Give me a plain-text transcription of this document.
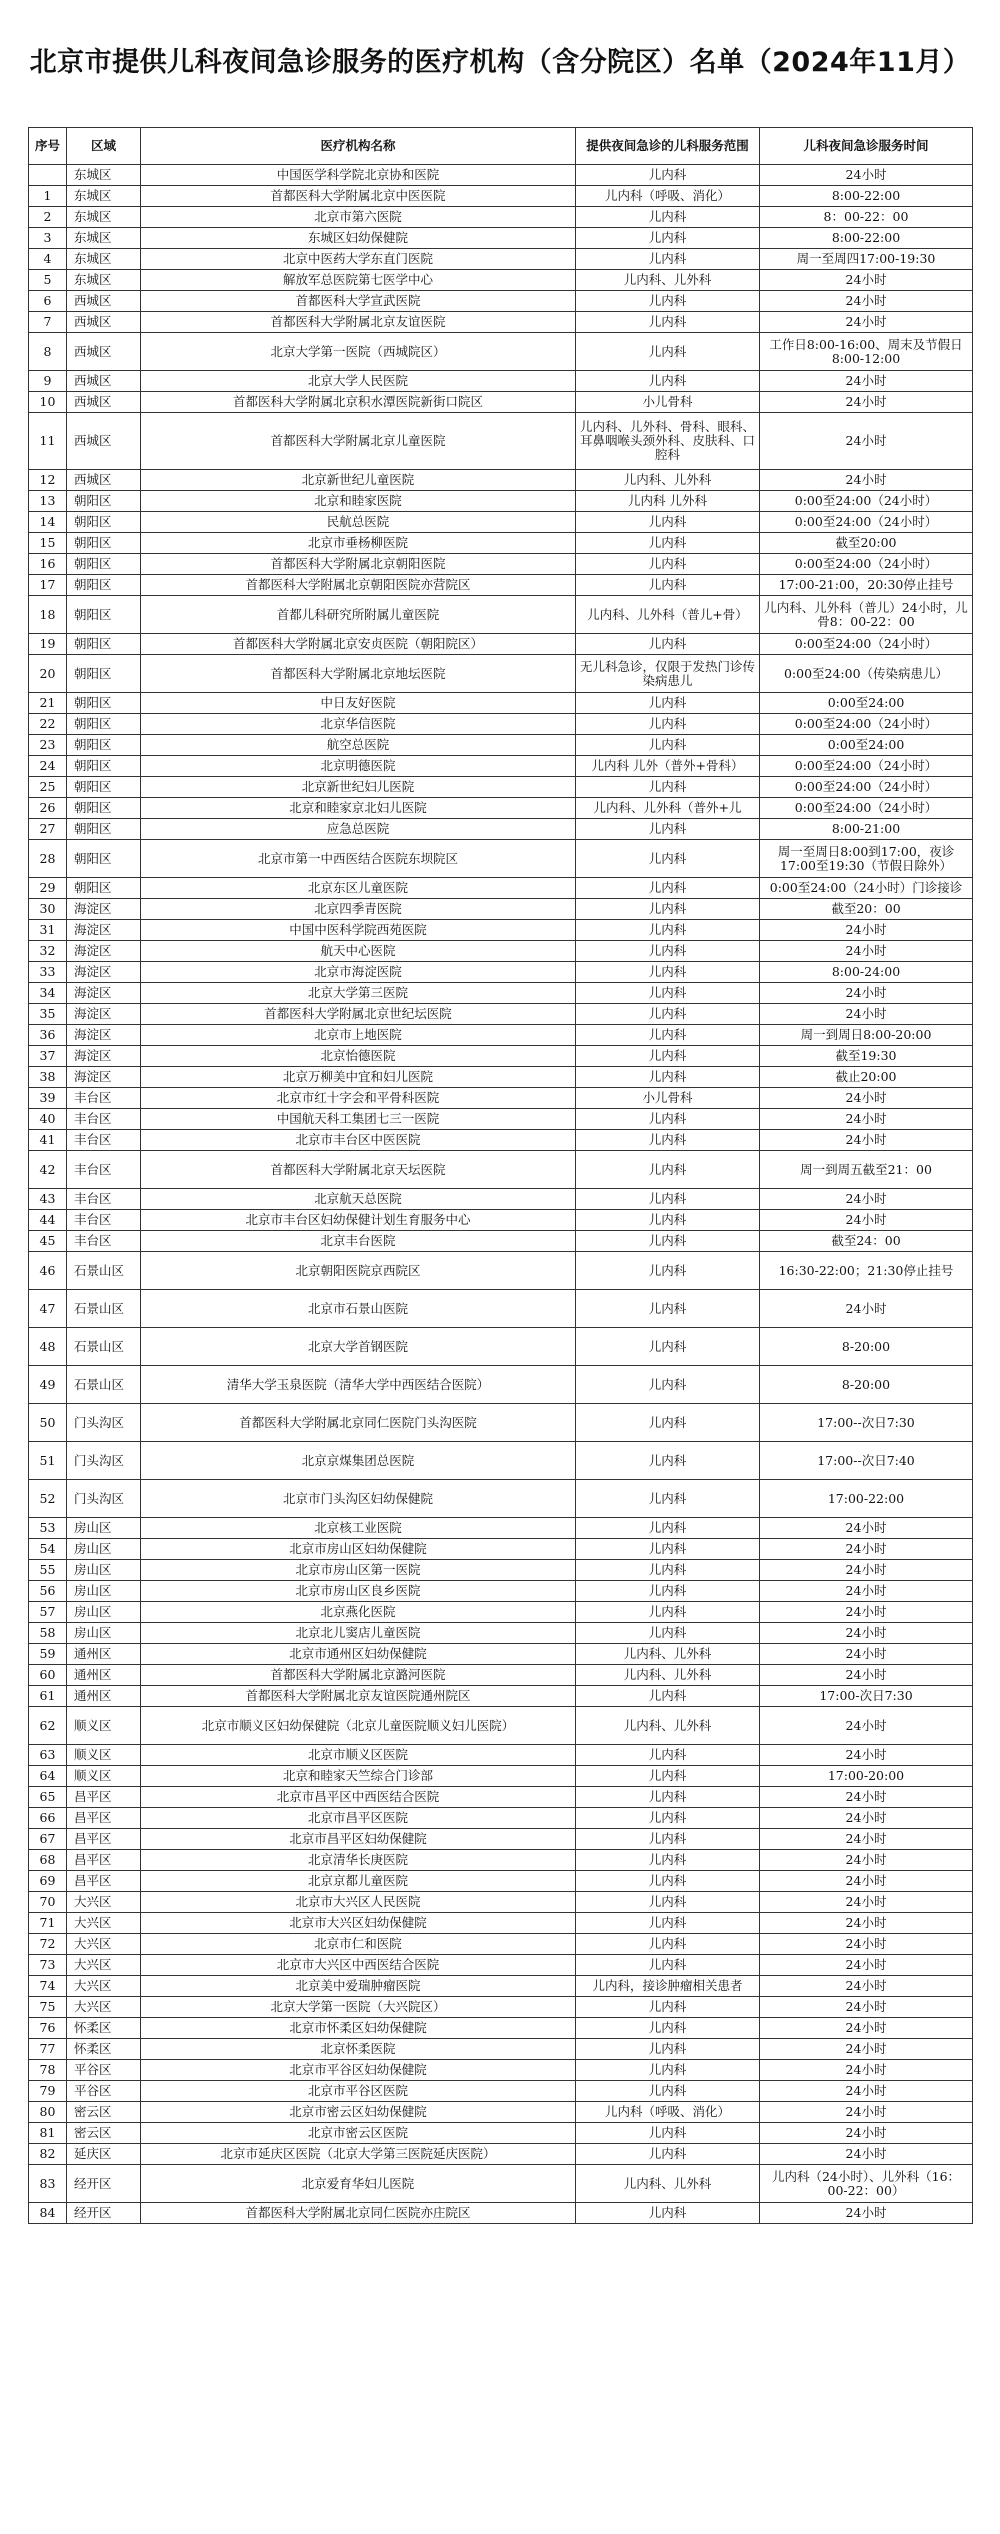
北京市提供儿科夜间急诊服务的医疗机构（含分院区）名单（2024年11月）
序号	区域	医疗机构名称	提供夜间急诊的儿科服务范围	儿科夜间急诊服务时间
	东城区	中国医学科学院北京协和医院	儿内科	24小时
1	东城区	首都医科大学附属北京中医医院	儿内科（呼吸、消化）	8:00-22:00
2	东城区	北京市第六医院	儿内科	8：00-22：00
3	东城区	东城区妇幼保健院	儿内科	8:00-22:00
4	东城区	北京中医药大学东直门医院	儿内科	周一至周四17:00-19:30
5	东城区	解放军总医院第七医学中心	儿内科、儿外科	24小时
6	西城区	首都医科大学宣武医院	儿内科	24小时
7	西城区	首都医科大学附属北京友谊医院	儿内科	24小时
8	西城区	北京大学第一医院（西城院区）	儿内科	工作日8:00-16:00、周末及节假日8:00-12:00
9	西城区	北京大学人民医院	儿内科	24小时
10	西城区	首都医科大学附属北京积水潭医院新街口院区	小儿骨科	24小时
11	西城区	首都医科大学附属北京儿童医院	儿内科、儿外科、骨科、眼科、耳鼻咽喉头颈外科、皮肤科、口腔科	24小时
12	西城区	北京新世纪儿童医院	儿内科、儿外科	24小时
13	朝阳区	北京和睦家医院	儿内科 儿外科	0:00至24:00（24小时）
14	朝阳区	民航总医院	儿内科	0:00至24:00（24小时）
15	朝阳区	北京市垂杨柳医院	儿内科	截至20:00
16	朝阳区	首都医科大学附属北京朝阳医院	儿内科	0:00至24:00（24小时）
17	朝阳区	首都医科大学附属北京朝阳医院亦营院区	儿内科	17:00-21:00，20:30停止挂号
18	朝阳区	首都儿科研究所附属儿童医院	儿内科、儿外科（普儿+骨）	儿内科、儿外科（普儿）24小时，儿骨8：00-22：00
19	朝阳区	首都医科大学附属北京安贞医院（朝阳院区）	儿内科	0:00至24:00（24小时）
20	朝阳区	首都医科大学附属北京地坛医院	无儿科急诊，仅限于发热门诊传染病患儿	0:00至24:00（传染病患儿）
21	朝阳区	中日友好医院	儿内科	0:00至24:00
22	朝阳区	北京华信医院	儿内科	0:00至24:00（24小时）
23	朝阳区	航空总医院	儿内科	0:00至24:00
24	朝阳区	北京明德医院	儿内科 儿外（普外+骨科）	0:00至24:00（24小时）
25	朝阳区	北京新世纪妇儿医院	儿内科	0:00至24:00（24小时）
26	朝阳区	北京和睦家京北妇儿医院	儿内科、儿外科（普外+儿	0:00至24:00（24小时）
27	朝阳区	应急总医院	儿内科	8:00-21:00
28	朝阳区	北京市第一中西医结合医院东坝院区	儿内科	周一至周日8:00到17:00，夜诊17:00至19:30（节假日除外）
29	朝阳区	北京东区儿童医院	儿内科	0:00至24:00（24小时）门诊接诊
30	海淀区	北京四季青医院	儿内科	截至20：00
31	海淀区	中国中医科学院西苑医院	儿内科	24小时
32	海淀区	航天中心医院	儿内科	24小时
33	海淀区	北京市海淀医院	儿内科	8:00-24:00
34	海淀区	北京大学第三医院	儿内科	24小时
35	海淀区	首都医科大学附属北京世纪坛医院	儿内科	24小时
36	海淀区	北京市上地医院	儿内科	周一到周日8:00-20:00
37	海淀区	北京怡德医院	儿内科	截至19:30
38	海淀区	北京万柳美中宜和妇儿医院	儿内科	截止20:00
39	丰台区	北京市红十字会和平骨科医院	小儿骨科	24小时
40	丰台区	中国航天科工集团七三一医院	儿内科	24小时
41	丰台区	北京市丰台区中医医院	儿内科	24小时
42	丰台区	首都医科大学附属北京天坛医院	儿内科	周一到周五截至21：00
43	丰台区	北京航天总医院	儿内科	24小时
44	丰台区	北京市丰台区妇幼保健计划生育服务中心	儿内科	24小时
45	丰台区	北京丰台医院	儿内科	截至24：00
46	石景山区	北京朝阳医院京西院区	儿内科	16:30-22:00；21:30停止挂号
47	石景山区	北京市石景山医院	儿内科	24小时
48	石景山区	北京大学首钢医院	儿内科	8-20:00
49	石景山区	清华大学玉泉医院（清华大学中西医结合医院）	儿内科	8-20:00
50	门头沟区	首都医科大学附属北京同仁医院门头沟医院	儿内科	17:00--次日7:30
51	门头沟区	北京京煤集团总医院	儿内科	17:00--次日7:40
52	门头沟区	北京市门头沟区妇幼保健院	儿内科	17:00-22:00
53	房山区	北京核工业医院	儿内科	24小时
54	房山区	北京市房山区妇幼保健院	儿内科	24小时
55	房山区	北京市房山区第一医院	儿内科	24小时
56	房山区	北京市房山区良乡医院	儿内科	24小时
57	房山区	北京燕化医院	儿内科	24小时
58	房山区	北京北儿窦店儿童医院	儿内科	24小时
59	通州区	北京市通州区妇幼保健院	儿内科、儿外科	24小时
60	通州区	首都医科大学附属北京潞河医院	儿内科、儿外科	24小时
61	通州区	首都医科大学附属北京友谊医院通州院区	儿内科	17:00-次日7:30
62	顺义区	北京市顺义区妇幼保健院（北京儿童医院顺义妇儿医院）	儿内科、儿外科	24小时
63	顺义区	北京市顺义区医院	儿内科	24小时
64	顺义区	北京和睦家天竺综合门诊部	儿内科	17:00-20:00
65	昌平区	北京市昌平区中西医结合医院	儿内科	24小时
66	昌平区	北京市昌平区医院	儿内科	24小时
67	昌平区	北京市昌平区妇幼保健院	儿内科	24小时
68	昌平区	北京清华长庚医院	儿内科	24小时
69	昌平区	北京京都儿童医院	儿内科	24小时
70	大兴区	北京市大兴区人民医院	儿内科	24小时
71	大兴区	北京市大兴区妇幼保健院	儿内科	24小时
72	大兴区	北京市仁和医院	儿内科	24小时
73	大兴区	北京市大兴区中西医结合医院	儿内科	24小时
74	大兴区	北京美中爱瑞肿瘤医院	儿内科，接诊肿瘤相关患者	24小时
75	大兴区	北京大学第一医院（大兴院区）	儿内科	24小时
76	怀柔区	北京市怀柔区妇幼保健院	儿内科	24小时
77	怀柔区	北京怀柔医院	儿内科	24小时
78	平谷区	北京市平谷区妇幼保健院	儿内科	24小时
79	平谷区	北京市平谷区医院	儿内科	24小时
80	密云区	北京市密云区妇幼保健院	儿内科（呼吸、消化）	24小时
81	密云区	北京市密云区医院	儿内科	24小时
82	延庆区	北京市延庆区医院（北京大学第三医院延庆医院）	儿内科	24小时
83	经开区	北京爱育华妇儿医院	儿内科、儿外科	儿内科（24小时）、儿外科（16：00-22：00）
84	经开区	首都医科大学附属北京同仁医院亦庄院区	儿内科	24小时
